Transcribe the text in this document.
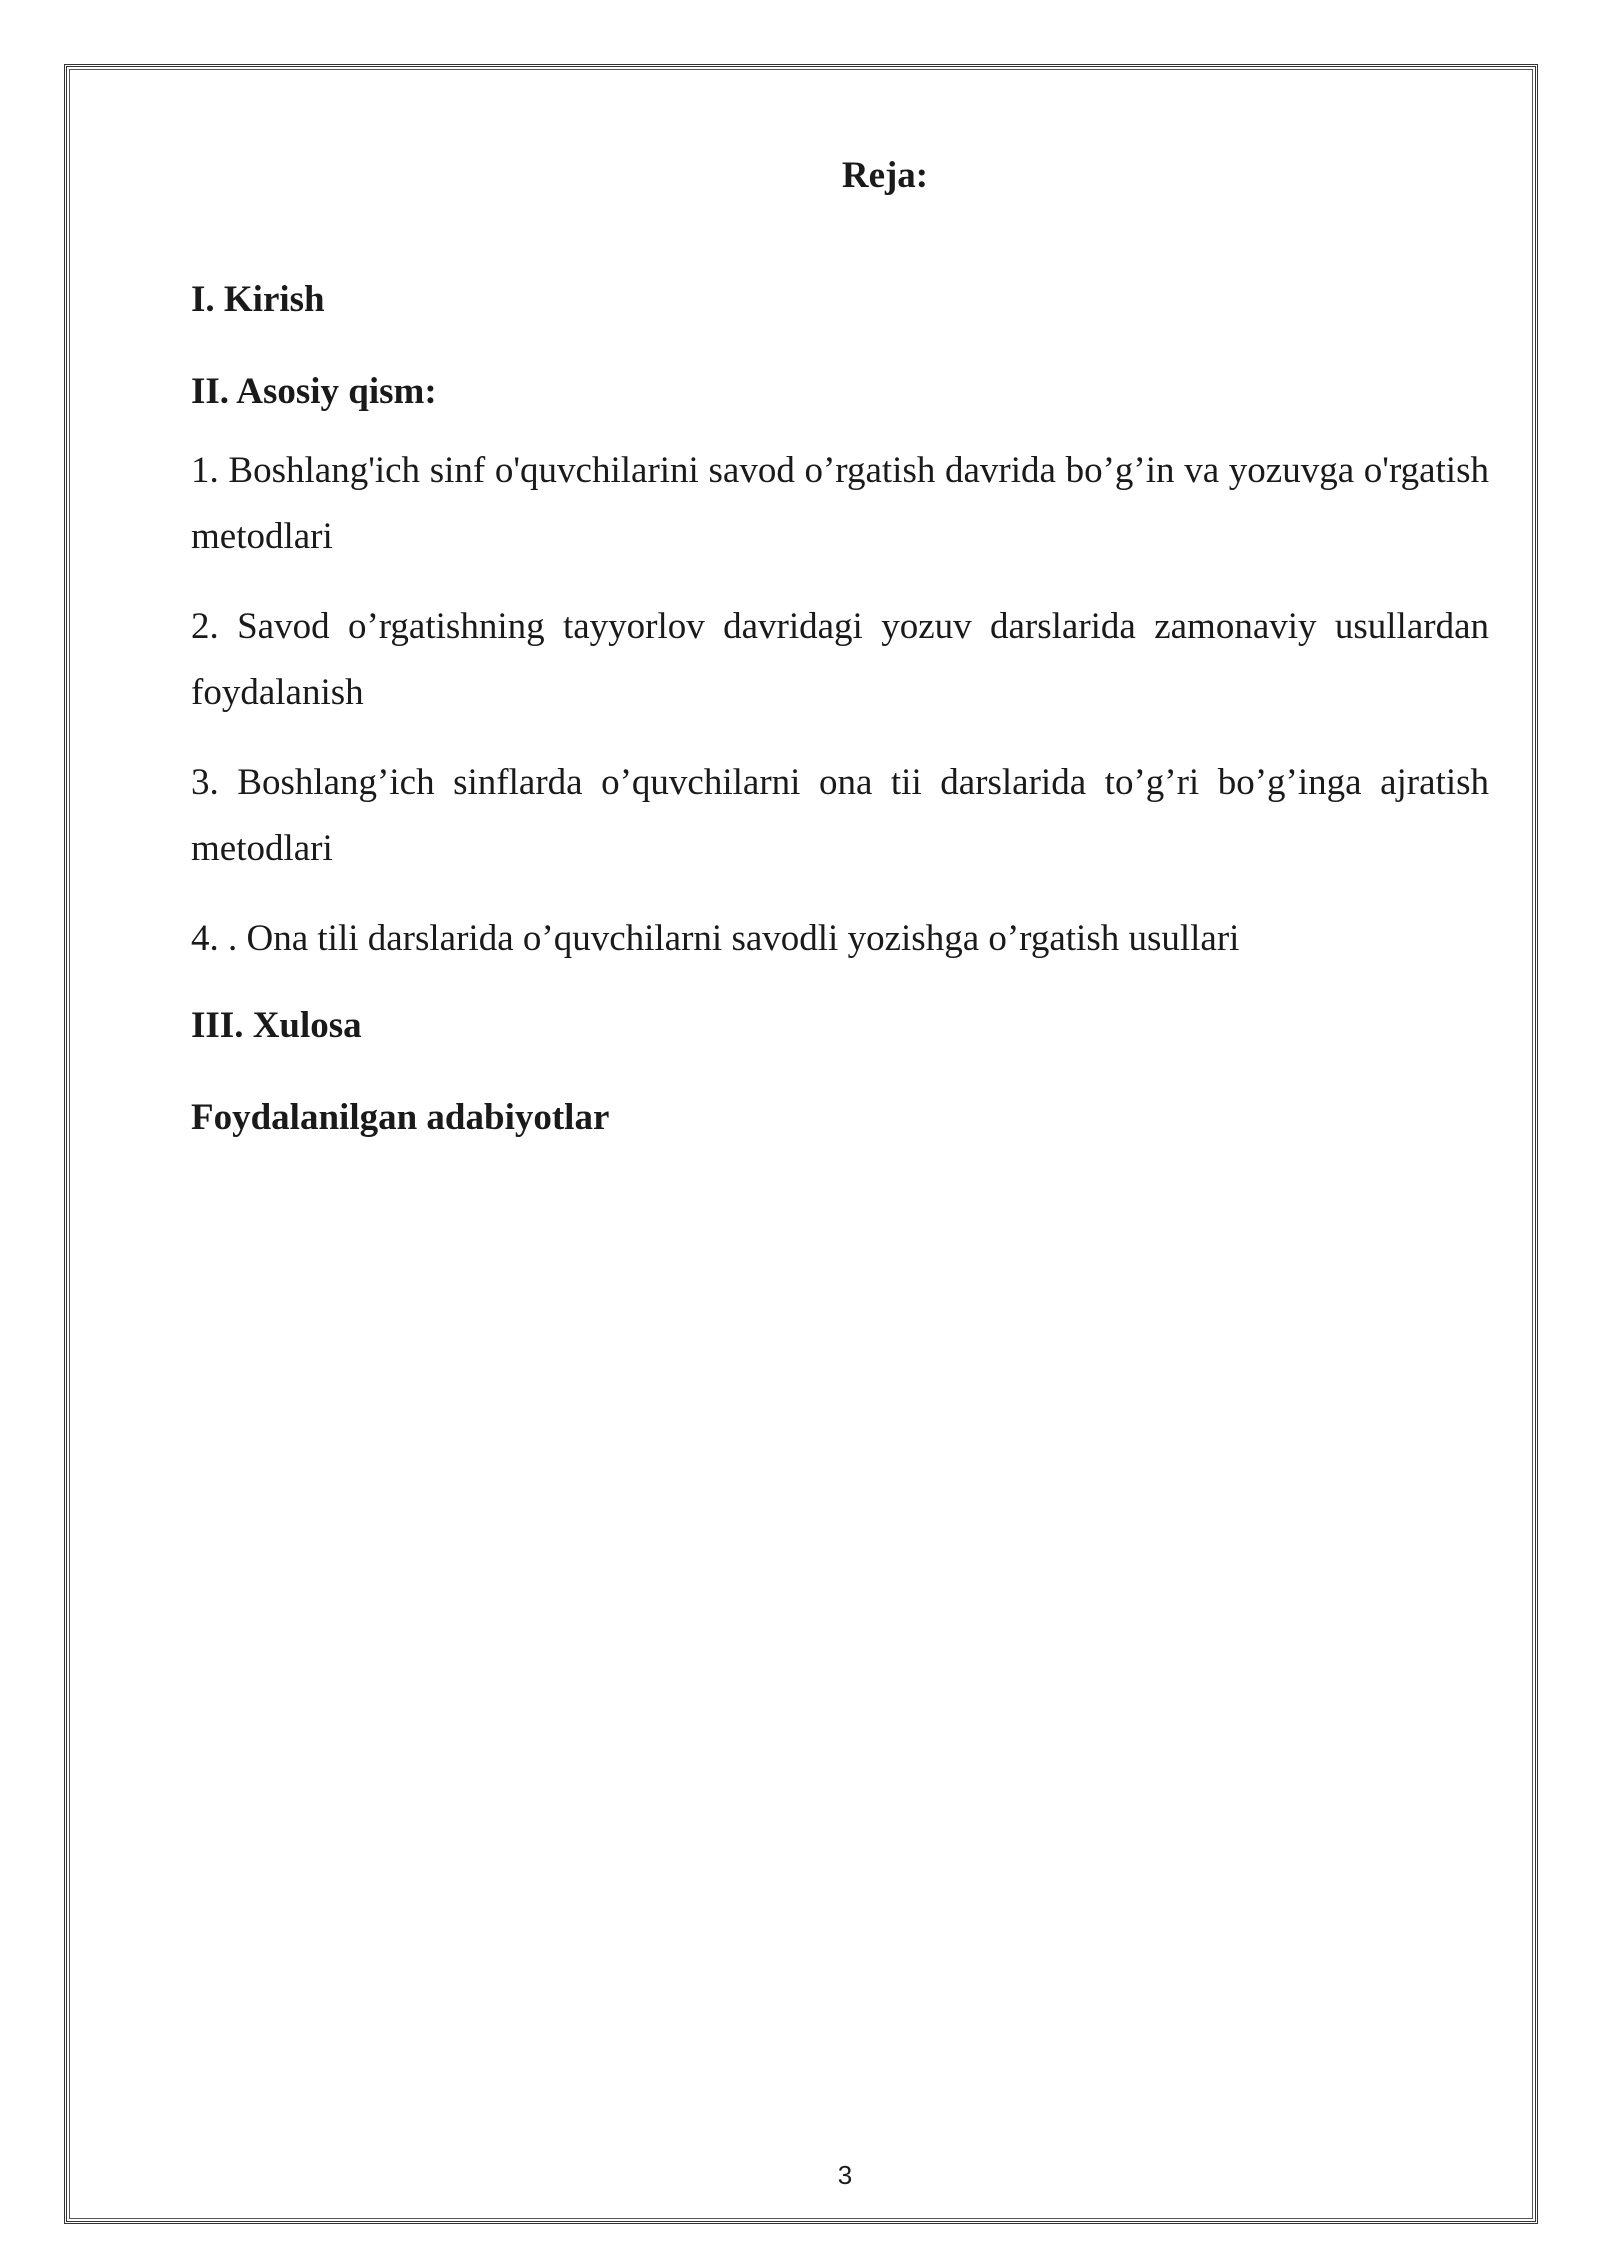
Reja:
I. Kirish
II. Asosiy qism:
1. Boshlang'ich sinf o'quvchilarini savod o’rgatish davrida bo’g’in va yozuvga o'rgatish metodlari
2. Savod o’rgatishning tayyorlov davridagi yozuv darslarida zamonaviy usullardan foydalanish
3. Boshlang’ich sinflarda o’quvchilarni ona tii darslarida to’g’ri bo’g’inga ajratish metodlari
4. . Ona tili darslarida o’quvchilarni savodli yozishga o’rgatish usullari
III. Xulosa
Foydalanilgan adabiyotlar
3
